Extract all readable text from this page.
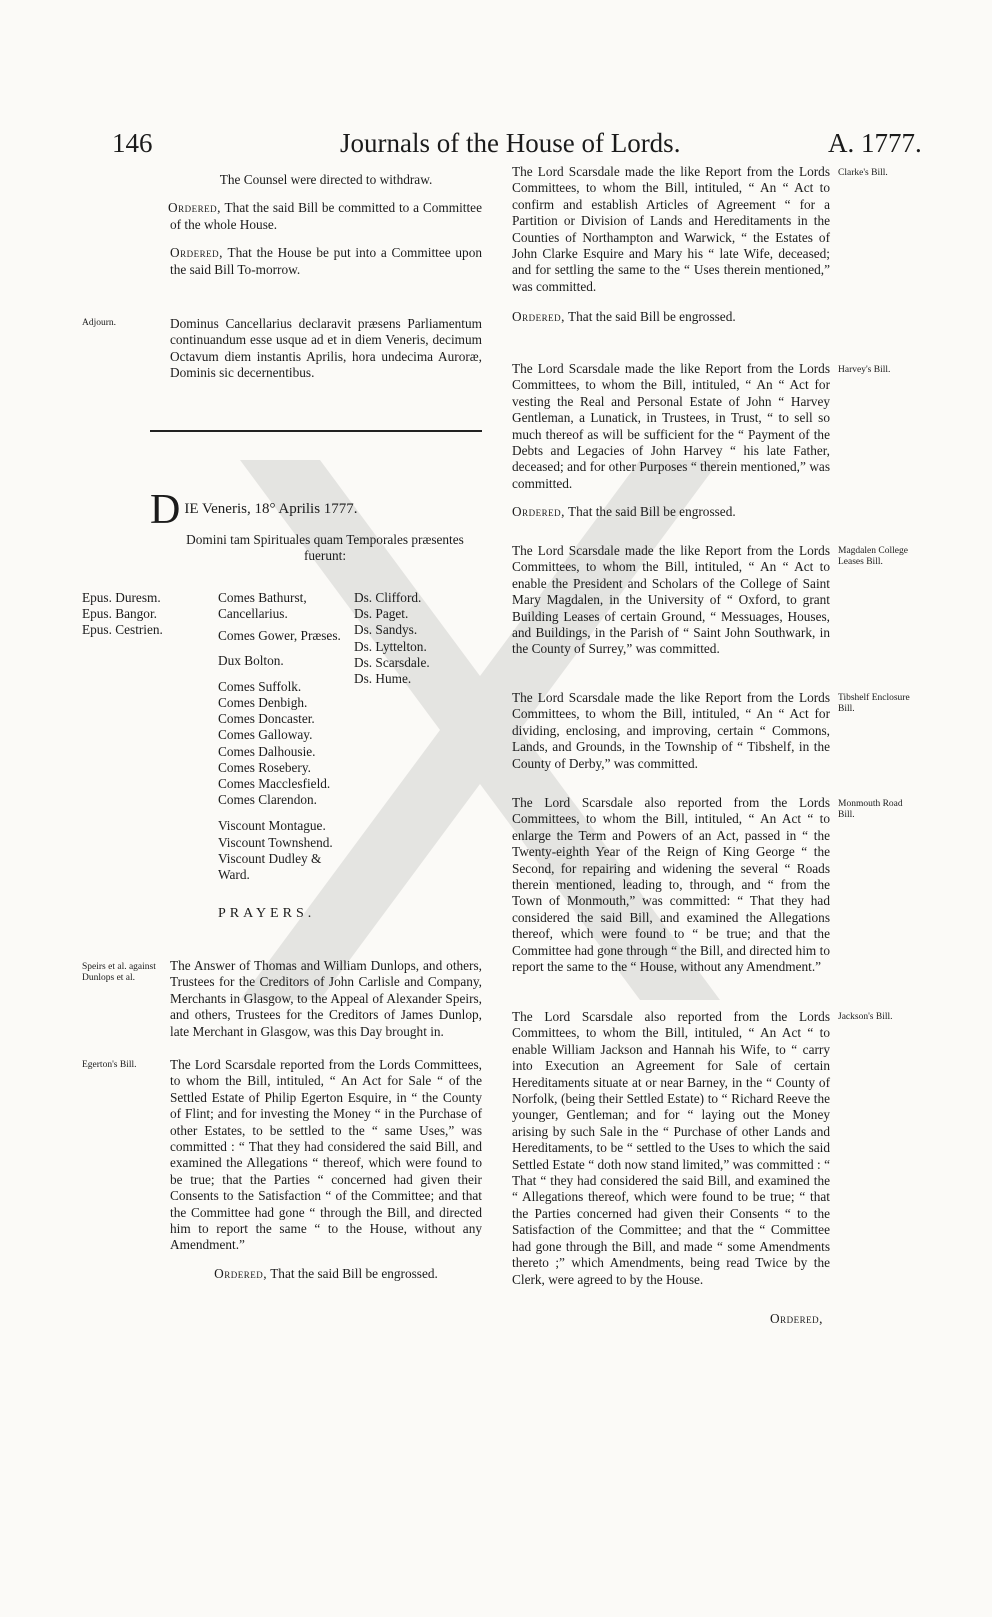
146	Journals of the House of Lords.	A. 1777.

The Counsel were directed to withdraw.

Ordered, That the said Bill be committed to a Committee of the whole House.

Ordered, That the House be put into a Committee upon the said Bill To-morrow.

Adjourn.	Dominus Cancellarius declaravit præsens Parliamentum continuandum esse usque ad et in diem Veneris, decimum Octavum diem instantis Aprilis, hora undecima Auroræ, Dominis sic decernentibus.

DIE Veneris, 18° Aprilis 1777.
Domini tam Spirituales quam Temporales præsentes fuerunt:
Epus. Duresm.
Epus. Bangor.
Epus. Cestrien.
Comes Bathurst, Cancellarius.
Comes Gower, Præses.
Dux Bolton.
Comes Suffolk.
Comes Denbigh.
Comes Doncaster.
Comes Galloway.
Comes Dalhousie.
Comes Rosebery.
Comes Macclesfield.
Comes Clarendon.
Viscount Montague.
Viscount Townshend.
Viscount Dudley & Ward.
Ds. Clifford.
Ds. Paget.
Ds. Sandys.
Ds. Lyttelton.
Ds. Scarsdale.
Ds. Hume.
PRAYERS.
Speirs et al. against Dunlops et al.

The Answer of Thomas and William Dunlops, and others, Trustees for the Creditors of John Carlisle and Company, Merchants in Glasgow, to the Appeal of Alexander Speirs, and others, Trustees for the Creditors of James Dunlop, late Merchant in Glasgow, was this Day brought in.

Egerton's Bill.	The Lord Scarsdale reported from the Lords Committees, to whom the Bill, intituled, “ An Act for Sale “ of the Settled Estate of Philip Egerton Esquire, in “ the County of Flint; and for investing the Money “ in the Purchase of other Estates, to be settled to the “ same Uses,” was committed : “ That they had considered the said Bill, and examined the Allegations “ thereof, which were found to be true; that the Parties “ concerned had given their Consents to the Satisfaction “ of the Committee; and that the Committee had gone “ through the Bill, and directed him to report the same “ to the House, without any Amendment.”

Ordered, That the said Bill be engrossed.

Clarke's Bill.

The Lord Scarsdale made the like Report from the Lords Committees, to whom the Bill, intituled, “ An “ Act to confirm and establish Articles of Agreement “ for a Partition or Division of Lands and Hereditaments in the Counties of Northampton and Warwick, “ the Estates of John Clarke Esquire and Mary his “ late Wife, deceased; and for settling the same to the “ Uses therein mentioned,” was committed.

Ordered, That the said Bill be engrossed.

Harvey's Bill.

The Lord Scarsdale made the like Report from the Lords Committees, to whom the Bill, intituled, “ An “ Act for vesting the Real and Personal Estate of John “ Harvey Gentleman, a Lunatick, in Trustees, in Trust, “ to sell so much thereof as will be sufficient for the “ Payment of the Debts and Legacies of John Harvey “ his late Father, deceased; and for other Purposes “ therein mentioned,” was committed.

Ordered, That the said Bill be engrossed.

Magdalen College Leases Bill.

The Lord Scarsdale made the like Report from the Lords Committees, to whom the Bill, intituled, “ An “ Act to enable the President and Scholars of the College of Saint Mary Magdalen, in the University of “ Oxford, to grant Building Leases of certain Ground, “ Messuages, Houses, and Buildings, in the Parish of “ Saint John Southwark, in the County of Surrey,” was committed.

Tibshelf Enclosure Bill.

The Lord Scarsdale made the like Report from the Lords Committees, to whom the Bill, intituled, “ An “ Act for dividing, enclosing, and improving, certain “ Commons, Lands, and Grounds, in the Township of “ Tibshelf, in the County of Derby,” was committed.

Monmouth Road Bill.

The Lord Scarsdale also reported from the Lords Committees, to whom the Bill, intituled, “ An Act “ to enlarge the Term and Powers of an Act, passed in “ the Twenty-eighth Year of the Reign of King George “ the Second, for repairing and widening the several “ Roads therein mentioned, leading to, through, and “ from the Town of Monmouth,” was committed: “ That they had considered the said Bill, and examined the Allegations thereof, which were found to “ be true; and that the Committee had gone through “ the Bill, and directed him to report the same to the “ House, without any Amendment.”

Jackson's Bill.

The Lord Scarsdale also reported from the Lords Committees, to whom the Bill, intituled, “ An Act “ to enable William Jackson and Hannah his Wife, to “ carry into Execution an Agreement for Sale of certain Hereditaments situate at or near Barney, in the “ County of Norfolk, (being their Settled Estate) to “ Richard Reeve the younger, Gentleman; and for “ laying out the Money arising by such Sale in the “ Purchase of other Lands and Hereditaments, to be “ settled to the Uses to which the said Settled Estate “ doth now stand limited,” was committed : “ That “ they had considered the said Bill, and examined the “ Allegations thereof, which were found to be true; “ that the Parties concerned had given their Consents “ to the Satisfaction of the Committee; and that the “ Committee had gone through the Bill, and made “ some Amendments thereto ;” which Amendments, being read Twice by the Clerk, were agreed to by the House.

Ordered,
